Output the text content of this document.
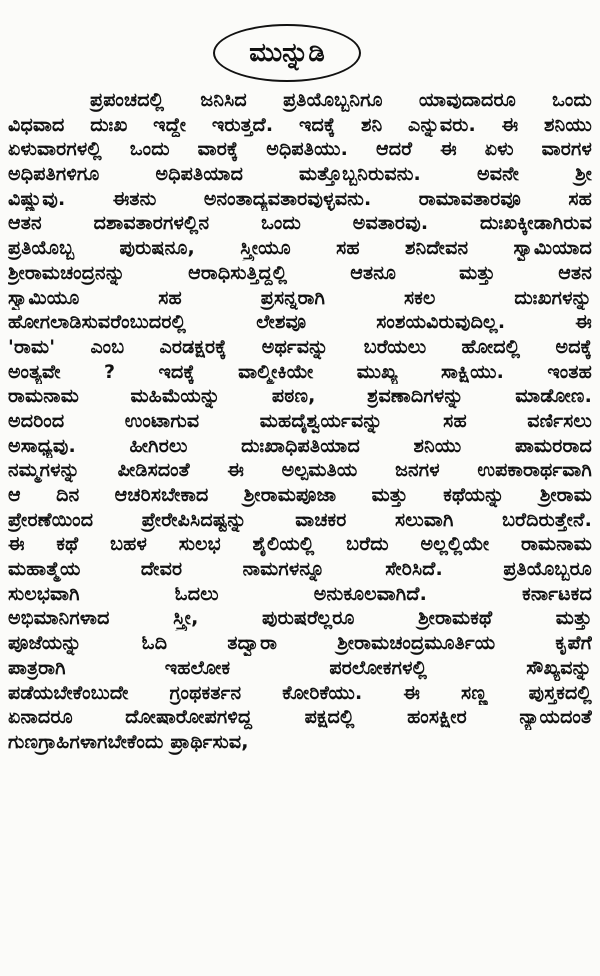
ಮುನ್ನುಡಿ
ಪ್ರಪಂಚದಲ್ಲಿ ಜನಿಸಿದ ಪ್ರತಿಯೊಬ್ಬನಿಗೂ ಯಾವುದಾದರೂ ಒಂದು
ವಿಧವಾದ ದುಃಖ ಇದ್ದೇ ಇರುತ್ತದೆ. ಇದಕ್ಕೆ ಶನಿ ಎನ್ನುವರು. ಈ ಶನಿಯು
ಏಳುವಾರಗಳಲ್ಲಿ ಒಂದು ವಾರಕ್ಕೆ ಅಧಿಪತಿಯು. ಆದರೆ ಈ ಏಳು ವಾರಗಳ
ಅಧಿಪತಿಗಳಿಗೂ ಅಧಿಪತಿಯಾದ ಮತ್ತೊಬ್ಬನಿರುವನು. ಅವನೇ ಶ್ರೀ
ವಿಷ್ಣುವು. ಈತನು ಅನಂತಾದ್ಯವತಾರವುಳ್ಳವನು. ರಾಮಾವತಾರವೂ ಸಹ
ಆತನ ದಶಾವತಾರಗಳಲ್ಲಿನ ಒಂದು ಅವತಾರವು. ದುಃಖಕ್ಕೀಡಾಗಿರುವ
ಪ್ರತಿಯೊಬ್ಬ ಪುರುಷನೂ, ಸ್ತ್ರೀಯೂ ಸಹ ಶನಿದೇವನ ಸ್ವಾಮಿಯಾದ
ಶ್ರೀರಾಮಚಂದ್ರನನ್ನು ಆರಾಧಿಸುತ್ತಿದ್ದಲ್ಲಿ ಆತನೂ ಮತ್ತು ಆತನ
ಸ್ವಾಮಿಯೂ ಸಹ ಪ್ರಸನ್ನರಾಗಿ ಸಕಲ ದುಃಖಗಳನ್ನು
ಹೋಗಲಾಡಿಸುವರೆಂಬುದರಲ್ಲಿ ಲೇಶವೂ ಸಂಶಯವಿರುವುದಿಲ್ಲ. ಈ
'ರಾಮ' ಎಂಬ ಎರಡಕ್ಷರಕ್ಕೆ ಅರ್ಥವನ್ನು ಬರೆಯಲು ಹೋದಲ್ಲಿ ಅದಕ್ಕೆ
ಅಂತ್ಯವೇ ? ಇದಕ್ಕೆ ವಾಲ್ಮೀಕಿಯೇ ಮುಖ್ಯ ಸಾಕ್ಷಿಯು. ಇಂತಹ
ರಾಮನಾಮ ಮಹಿಮೆಯನ್ನು ಪಠಣ, ಶ್ರವಣಾದಿಗಳನ್ನು ಮಾಡೋಣ.
ಅದರಿಂದ ಉಂಟಾಗುವ ಮಹದೈಶ್ವರ್ಯವನ್ನು ಸಹ ವರ್ಣಿಸಲು
ಅಸಾಧ್ಯವು. ಹೀಗಿರಲು ದುಃಖಾಧಿಪತಿಯಾದ ಶನಿಯು ಪಾಮರರಾದ
ನಮ್ಮಗಳನ್ನು ಪೀಡಿಸದಂತೆ ಈ ಅಲ್ಪಮತಿಯ ಜನಗಳ ಉಪಕಾರಾರ್ಥವಾಗಿ
ಆ ದಿನ ಆಚರಿಸಬೇಕಾದ ಶ್ರೀರಾಮಪೂಜಾ ಮತ್ತು ಕಥೆಯನ್ನು ಶ್ರೀರಾಮ
ಪ್ರೇರಣೆಯಿಂದ ಪ್ರೇರೇಪಿಸಿದಷ್ಟನ್ನು ವಾಚಕರ ಸಲುವಾಗಿ ಬರೆದಿರುತ್ತೇನೆ.
ಈ ಕಥೆ ಬಹಳ ಸುಲಭ ಶೈಲಿಯಲ್ಲಿ ಬರೆದು ಅಲ್ಲಲ್ಲಿಯೇ ರಾಮನಾಮ
ಮಹಾತ್ಮೆಯ ದೇವರ ನಾಮಗಳನ್ನೂ ಸೇರಿಸಿದೆ. ಪ್ರತಿಯೊಬ್ಬರೂ
ಸುಲಭವಾಗಿ ಓದಲು ಅನುಕೂಲವಾಗಿದೆ. ಕರ್ನಾಟಕದ
ಅಭಿಮಾನಿಗಳಾದ ಸ್ತ್ರೀ, ಪುರುಷರೆಲ್ಲರೂ ಶ್ರೀರಾಮಕಥೆ ಮತ್ತು
ಪೂಜೆಯನ್ನು ಓದಿ ತದ್ವಾರಾ ಶ್ರೀರಾಮಚಂದ್ರಮೂರ್ತಿಯ ಕೃಪೆಗೆ
ಪಾತ್ರರಾಗಿ ಇಹಲೋಕ ಪರಲೋಕಗಳಲ್ಲಿ ಸೌಖ್ಯವನ್ನು
ಪಡೆಯಬೇಕೆಂಬುದೇ ಗ್ರಂಥಕರ್ತನ ಕೋರಿಕೆಯು. ಈ ಸಣ್ಣ ಪುಸ್ತಕದಲ್ಲಿ
ಏನಾದರೂ ದೋಷಾರೋಪಗಳಿದ್ದ ಪಕ್ಷದಲ್ಲಿ ಹಂಸಕ್ಷೀರ ನ್ಯಾಯದಂತೆ
ಗುಣಗ್ರಾಹಿಗಳಾಗಬೇಕೆಂದು ಪ್ರಾರ್ಥಿಸುವ,
